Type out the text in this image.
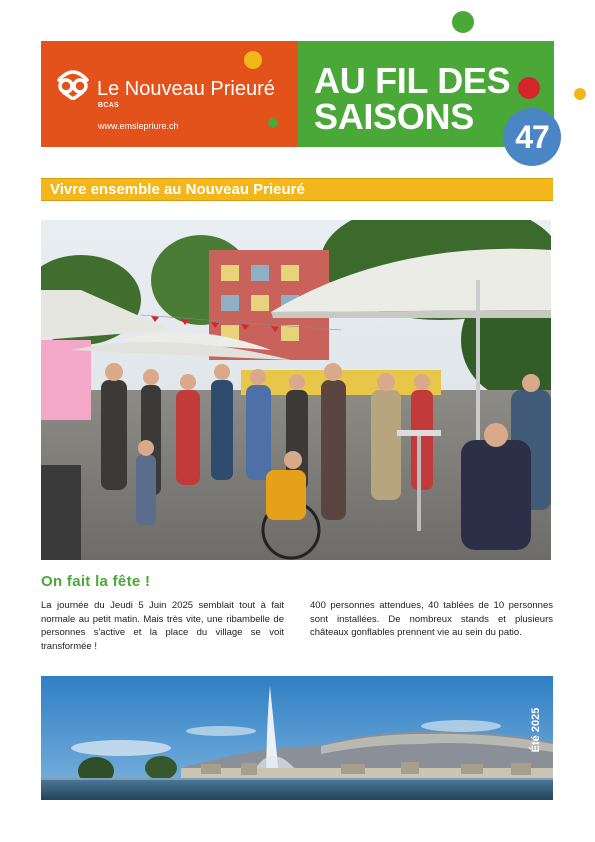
Le Nouveau Prieuré
BCAS
www.emslepriure.ch
AU FIL DES
SAISONS	47
Vivre ensemble au Nouveau Prieuré
On fait la fête !

La journée du Jeudi 5 Juin 2025 semblait tout à fait normale au petit matin. Mais très vite, une ribambelle de personnes s'active et la place du village se voit transformée !

400 personnes attendues, 40 tablées de 10 personnes sont installées. De nombreux stands et plusieurs châteaux gonflables prennent vie au sein du patio.

Été 2025
